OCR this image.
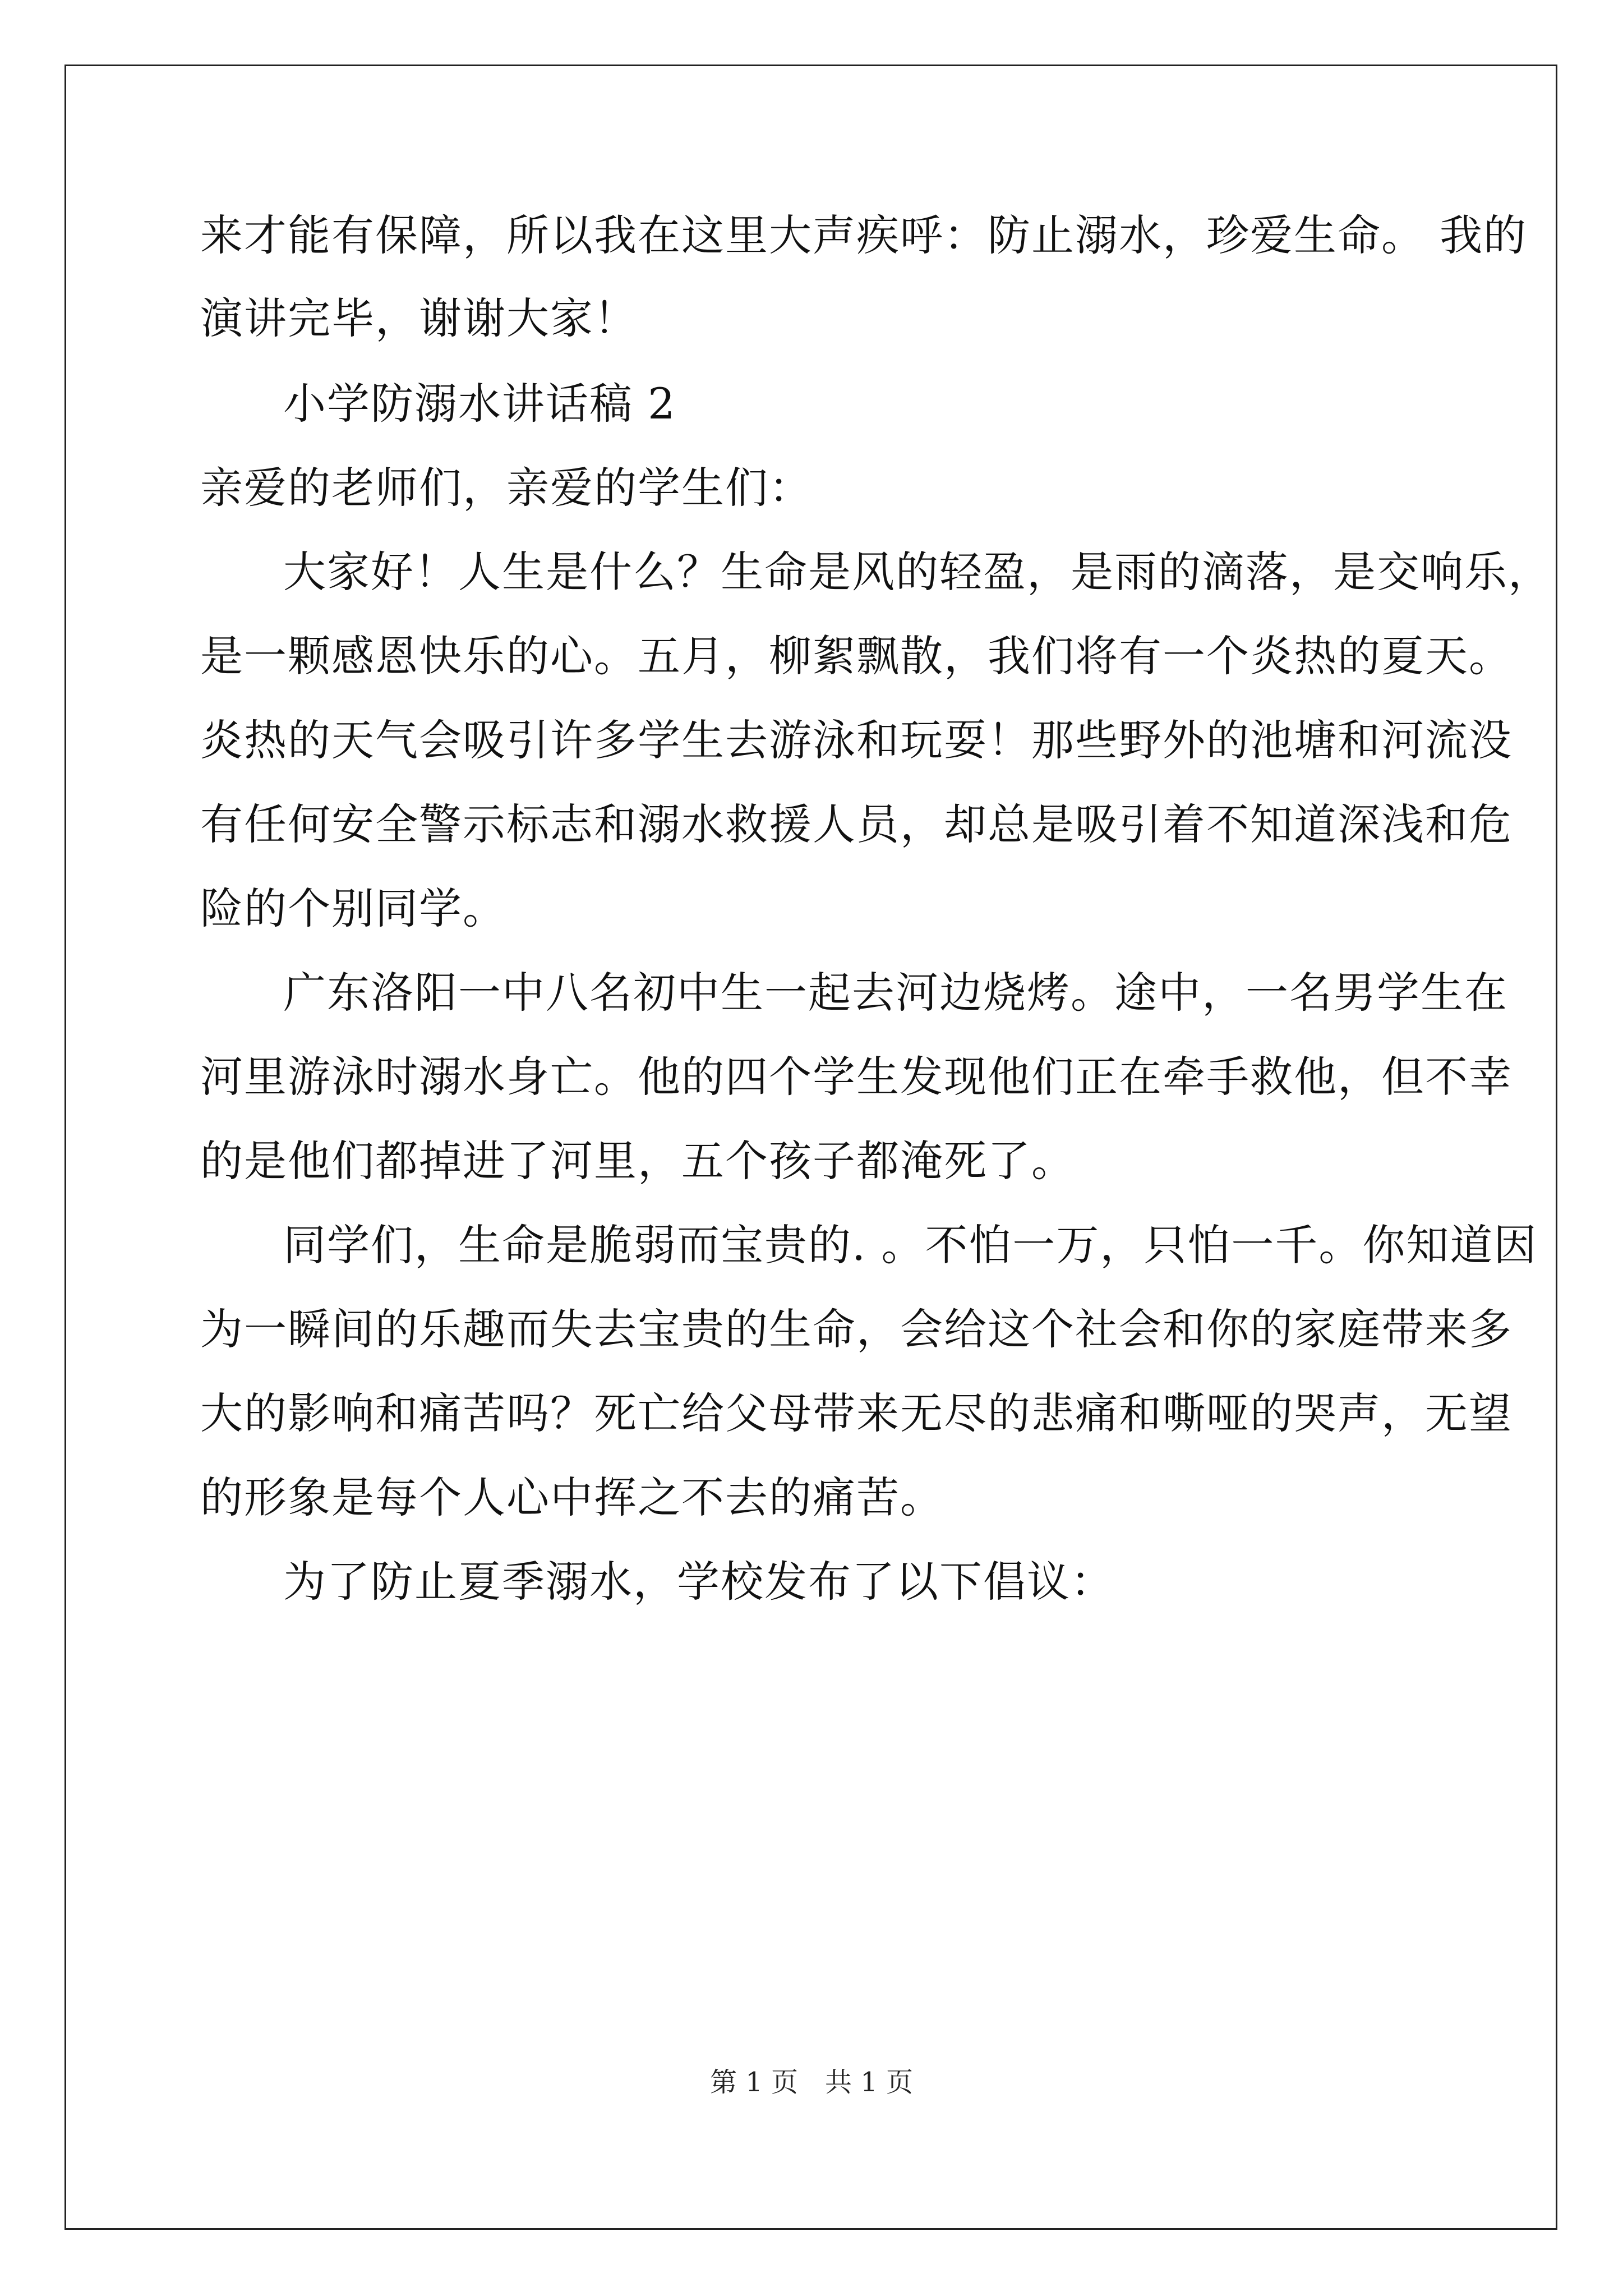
来才能有保障，所以我在这里大声疾呼：防止溺水，珍爱生命。 我的
演讲完毕，谢谢大家！
小学防溺水讲话稿 2
亲爱的老师们，亲爱的学生们：
大家好！人生是什么？生命是风的轻盈，是雨的滴落，是交响乐，
是一颗感恩快乐的心。五月，柳絮飘散，我们将有一个炎热的夏天。
炎热的天气会吸引许多学生去游泳和玩耍！那些野外的池塘和河流没
有任何安全警示标志和溺水救援人员，却总是吸引着不知道深浅和危
险的个别同学。
广东洛阳一中八名初中生一起去河边烧烤。途中，一名男学生在
河里游泳时溺水身亡。他的四个学生发现他们正在牵手救他，但不幸
的是他们都掉进了河里，五个孩子都淹死了。
同学们，生命是脆弱而宝贵的. 。不怕一万，只怕一千。你知道因
为一瞬间的乐趣而失去宝贵的生命，会给这个社会和你的家庭带来多
大的影响和痛苦吗？死亡给父母带来无尽的悲痛和嘶哑的哭声，无望
的形象是每个人心中挥之不去的痛苦。
为了防止夏季溺水，学校发布了以下倡议：
第 1 页　共 1 页
